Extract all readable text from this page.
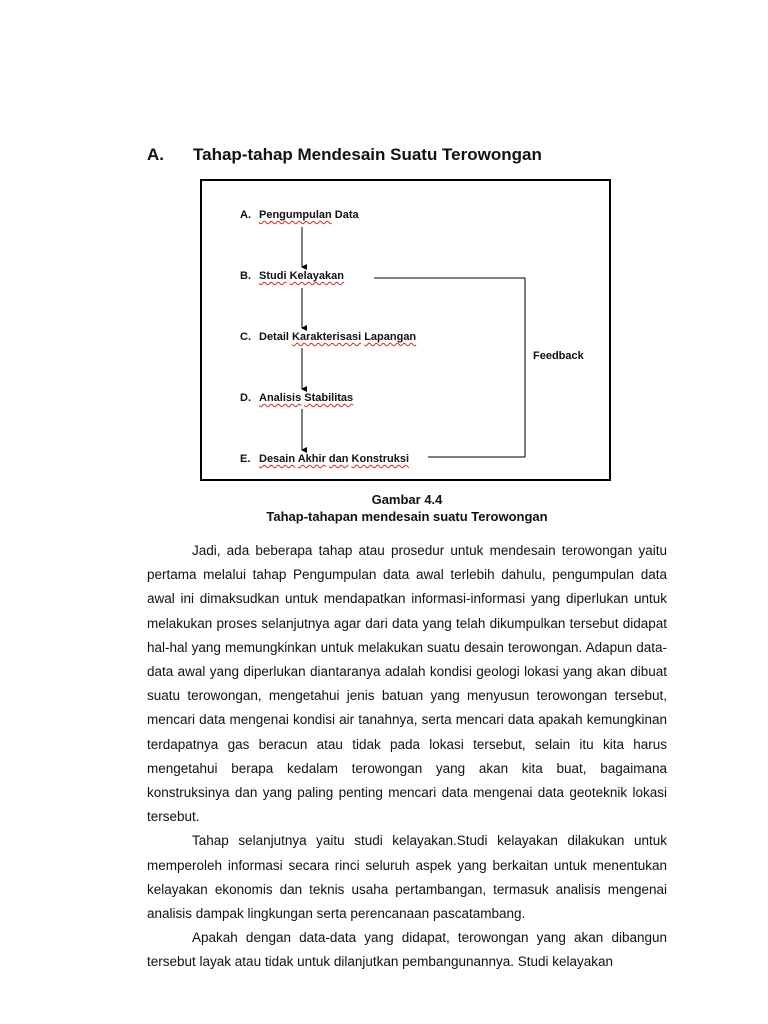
A. Tahap-tahap Mendesain Suatu Terowongan
A. Pengumpulan Data
B. Studi Kelayakan
C. Detail Karakterisasi Lapangan
D. Analisis Stabilitas
E. Desain Akhir dan Konstruksi
Feedback
Gambar 4.4
Tahap-tahapan mendesain suatu Terowongan

Jadi, ada beberapa tahap atau prosedur untuk mendesain terowongan yaitu pertama melalui tahap Pengumpulan data awal terlebih dahulu, pengumpulan data awal ini dimaksudkan untuk mendapatkan informasi-informasi yang diperlukan untuk melakukan proses selanjutnya agar dari data yang telah dikumpulkan tersebut didapat hal-hal yang memungkinkan untuk melakukan suatu desain terowongan. Adapun data-data awal yang diperlukan diantaranya adalah kondisi geologi lokasi yang akan dibuat suatu terowongan, mengetahui jenis batuan yang menyusun terowongan tersebut, mencari data mengenai kondisi air tanahnya, serta mencari data apakah kemungkinan terdapatnya gas beracun atau tidak pada lokasi tersebut, selain itu kita harus mengetahui berapa kedalam terowongan yang akan kita buat, bagaimana konstruksinya dan yang paling penting mencari data mengenai data geoteknik lokasi tersebut.

Tahap selanjutnya yaitu studi kelayakan.Studi kelayakan dilakukan untuk memperoleh informasi secara rinci seluruh aspek yang berkaitan untuk menentukan kelayakan ekonomis dan teknis usaha pertambangan, termasuk analisis mengenai analisis dampak lingkungan serta perencanaan pascatambang.

Apakah dengan data-data yang didapat, terowongan yang akan dibangun tersebut layak atau tidak untuk dilanjutkan pembangunannya. Studi kelayakan
